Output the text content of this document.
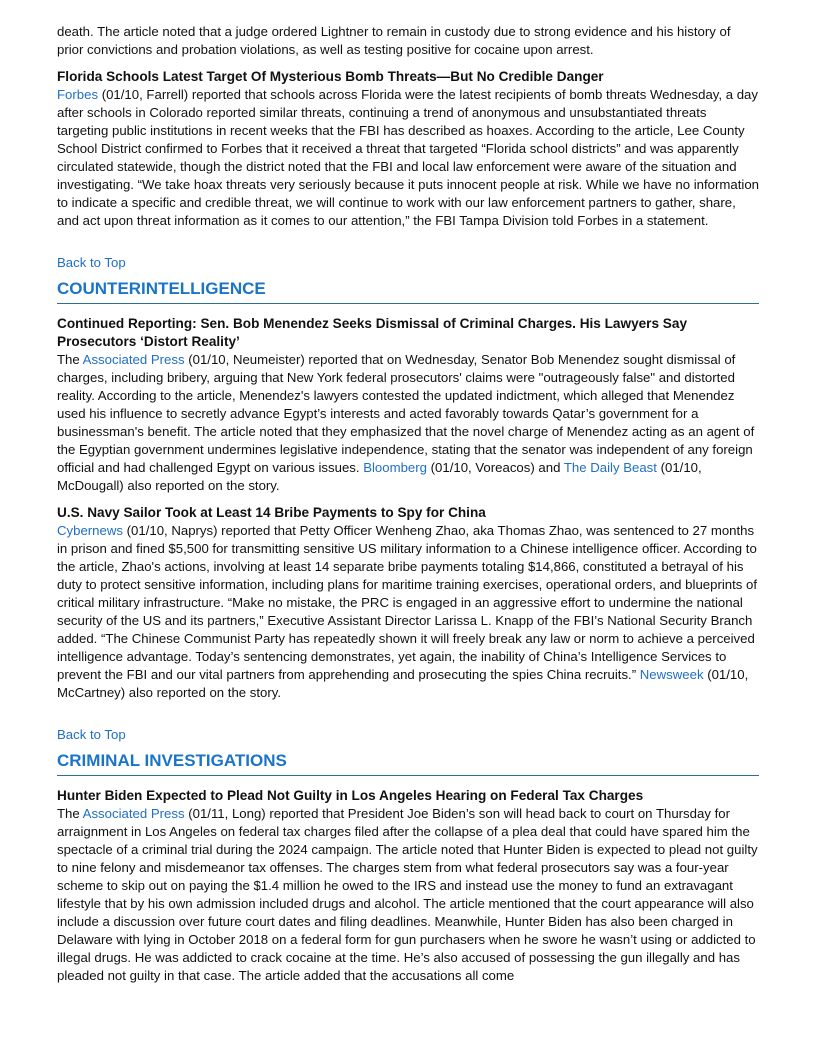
death. The article noted that a judge ordered Lightner to remain in custody due to strong evidence and his history of prior convictions and probation violations, as well as testing positive for cocaine upon arrest.

Florida Schools Latest Target Of Mysterious Bomb Threats—But No Credible Danger

Forbes (01/10, Farrell) reported that schools across Florida were the latest recipients of bomb threats Wednesday, a day after schools in Colorado reported similar threats, continuing a trend of anonymous and unsubstantiated threats targeting public institutions in recent weeks that the FBI has described as hoaxes. According to the article, Lee County School District confirmed to Forbes that it received a threat that targeted “Florida school districts” and was apparently circulated statewide, though the district noted that the FBI and local law enforcement were aware of the situation and investigating. “We take hoax threats very seriously because it puts innocent people at risk. While we have no information to indicate a specific and credible threat, we will continue to work with our law enforcement partners to gather, share, and act upon threat information as it comes to our attention,” the FBI Tampa Division told Forbes in a statement.

Back to Top
COUNTERINTELLIGENCE

Continued Reporting: Sen. Bob Menendez Seeks Dismissal of Criminal Charges. His Lawyers Say Prosecutors ‘Distort Reality’

The Associated Press (01/10, Neumeister) reported that on Wednesday, Senator Bob Menendez sought dismissal of charges, including bribery, arguing that New York federal prosecutors' claims were "outrageously false" and distorted reality. According to the article, Menendez's lawyers contested the updated indictment, which alleged that Menendez used his influence to secretly advance Egypt’s interests and acted favorably towards Qatar’s government for a businessman's benefit. The article noted that they emphasized that the novel charge of Menendez acting as an agent of the Egyptian government undermines legislative independence, stating that the senator was independent of any foreign official and had challenged Egypt on various issues. Bloomberg (01/10, Voreacos) and The Daily Beast (01/10, McDougall) also reported on the story.

U.S. Navy Sailor Took at Least 14 Bribe Payments to Spy for China

Cybernews (01/10, Naprys) reported that Petty Officer Wenheng Zhao, aka Thomas Zhao, was sentenced to 27 months in prison and fined $5,500 for transmitting sensitive US military information to a Chinese intelligence officer. According to the article, Zhao's actions, involving at least 14 separate bribe payments totaling $14,866, constituted a betrayal of his duty to protect sensitive information, including plans for maritime training exercises, operational orders, and blueprints of critical military infrastructure. “Make no mistake, the PRC is engaged in an aggressive effort to undermine the national security of the US and its partners,” Executive Assistant Director Larissa L. Knapp of the FBI’s National Security Branch added. “The Chinese Communist Party has repeatedly shown it will freely break any law or norm to achieve a perceived intelligence advantage. Today’s sentencing demonstrates, yet again, the inability of China’s Intelligence Services to prevent the FBI and our vital partners from apprehending and prosecuting the spies China recruits.” Newsweek (01/10, McCartney) also reported on the story.

Back to Top
CRIMINAL INVESTIGATIONS

Hunter Biden Expected to Plead Not Guilty in Los Angeles Hearing on Federal Tax Charges

The Associated Press (01/11, Long) reported that President Joe Biden’s son will head back to court on Thursday for arraignment in Los Angeles on federal tax charges filed after the collapse of a plea deal that could have spared him the spectacle of a criminal trial during the 2024 campaign. The article noted that Hunter Biden is expected to plead not guilty to nine felony and misdemeanor tax offenses. The charges stem from what federal prosecutors say was a four-year scheme to skip out on paying the $1.4 million he owed to the IRS and instead use the money to fund an extravagant lifestyle that by his own admission included drugs and alcohol. The article mentioned that the court appearance will also include a discussion over future court dates and filing deadlines. Meanwhile, Hunter Biden has also been charged in Delaware with lying in October 2018 on a federal form for gun purchasers when he swore he wasn’t using or addicted to illegal drugs. He was addicted to crack cocaine at the time. He’s also accused of possessing the gun illegally and has pleaded not guilty in that case. The article added that the accusations all come
